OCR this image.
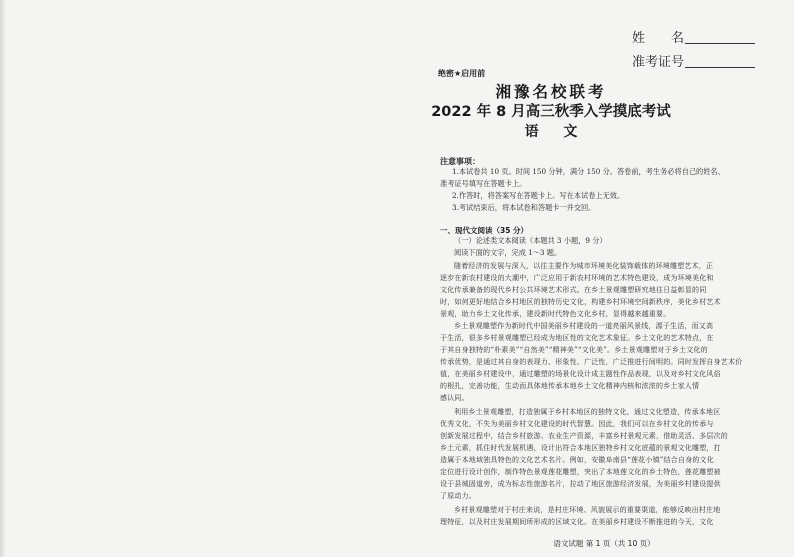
姓　　名
准考证号
绝密★启用前
湘豫名校联考
2022 年 8 月高三秋季入学摸底考试
语 文
注意事项：
1.本试卷共 10 页。时间 150 分钟，满分 150 分。答卷前，考生务必将自己的姓名、
准考证号填写在答题卡上。
2.作答时，将答案写在答题卡上。写在本试卷上无效。
3.考试结束后，将本试卷和答题卡一并交回。
一、现代文阅读（35 分）
（一）论述类文本阅读（本题共 3 小题，9 分）
阅读下面的文字，完成 1～3 题。
随着经济的发展与深入，以往主要作为城市环境美化装饰载体的环境雕塑艺术，正
逐步在新农村建设的大潮中，广泛应用于新农村环境的艺术特色建设，成为环境美化和
文化传承兼备的现代乡村公共环境艺术形式。在乡土景观雕塑研究地往日益彰显的同
时，如何更好地结合乡村地区的独特历史文化，构建乡村环境空间新秩序，美化乡村艺术
景观，助力乡土文化传承，建设新时代特色文化乡村，显得越来越重要。
乡土景观雕塑作为新时代中国美丽乡村建设的一道亮丽风景线，源于生活，而又高
于生活，很多乡村景观雕塑已经成为地区性的文化艺术象征。乡土文化的艺术特点，在
于其自身独特的“朴素美”“自然美”“精神美”“文化美”。乡土景观雕塑对于乡土文化的
传承优势，是通过其自身的表现力、形象性、广泛性，广泛推进行间明的。同时发挥自身艺术价
值，在美丽乡村建设中，通过雕塑的场景化设计成主题性作品表现，以及对乡村文化风俗
的根扎，完善功能，生动而具体地传承本地乡土文化精神内核和浓浓的乡土家人情
感认同。
利用乡土景观雕塑，打造独属于乡村本地区的独特文化，通过文化塑造，传承本地区
优秀文化，不失为美丽乡村文化建设的时代智慧。因此，我们可以在乡村文化的传承与
创新发展过程中，结合乡村旅游、农业生产资源，丰富乡村景观元素，借助灵活、多层次的
乡土元素，抓住时代发展机遇，设计出符合本地区独特乡村文化底蕴的景观文化雕塑，打
造属于本地域独具特色的文化艺术名片。例如，安徽阜南县“莲花小镇”结合自身的文化
定位进行设计创作，制作特色景观莲花雕塑，突出了本地莲文化的乡土特色，莲花雕塑被
设于县城固道旁，成为标志性旅游名片，拉动了地区旅游经济发展，为美丽乡村建设提供
了原动力。
乡村景观雕塑对于村庄来说，是村庄环境、风貌展示的重要渠道，能够反映出村庄地
理特征，以及村庄发展期间所形成的区域文化。在美丽乡村建设不断推进的今天，文化
语文试题 第 1 页（共 10 页）
